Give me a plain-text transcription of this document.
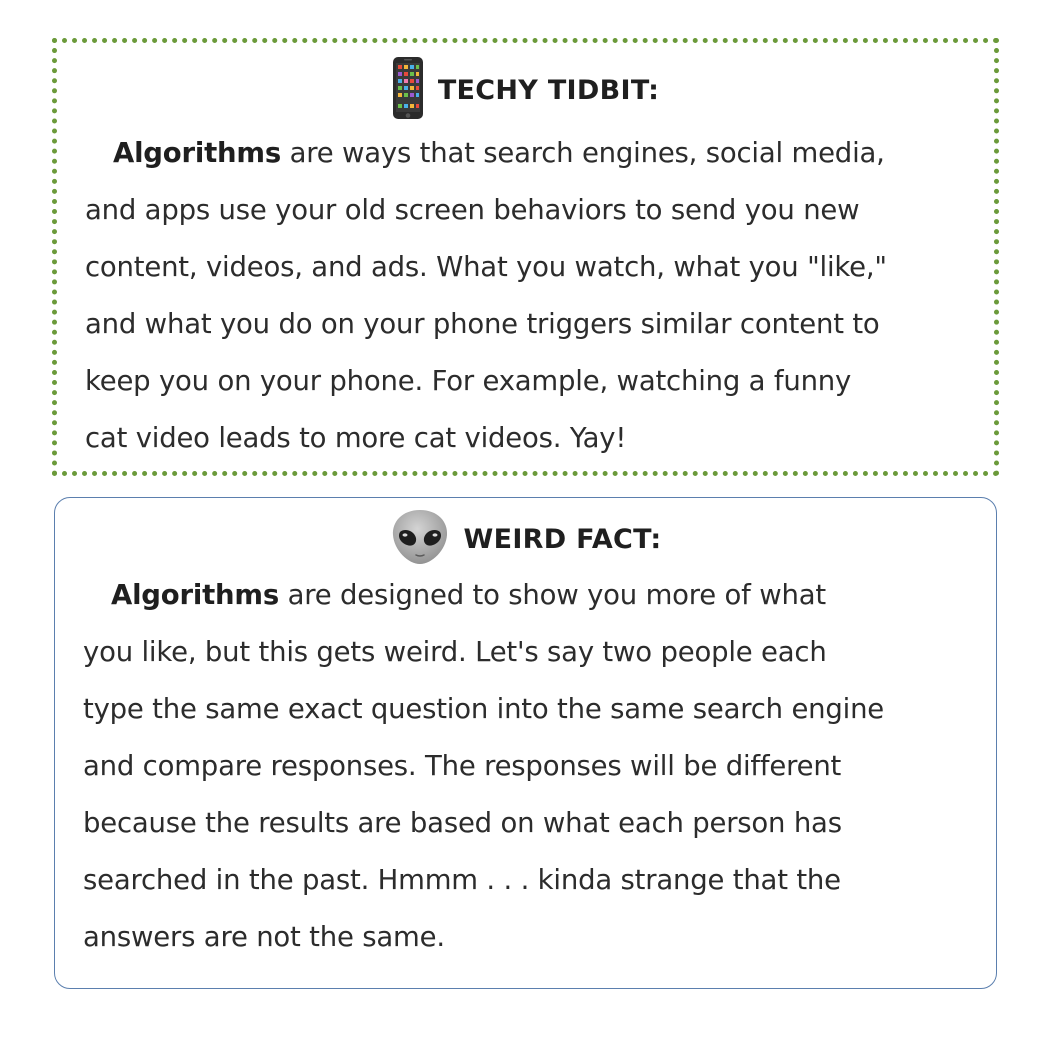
TECHY TIDBIT:

Algorithms are ways that search engines, social media,
and apps use your old screen behaviors to send you new
content, videos, and ads. What you watch, what you "like,"
and what you do on your phone triggers similar content to
keep you on your phone. For example, watching a funny
cat video leads to more cat videos. Yay!

WEIRD FACT:

Algorithms are designed to show you more of what
you like, but this gets weird. Let's say two people each
type the same exact question into the same search engine
and compare responses. The responses will be different
because the results are based on what each person has
searched in the past. Hmmm . . . kinda strange that the
answers are not the same.
